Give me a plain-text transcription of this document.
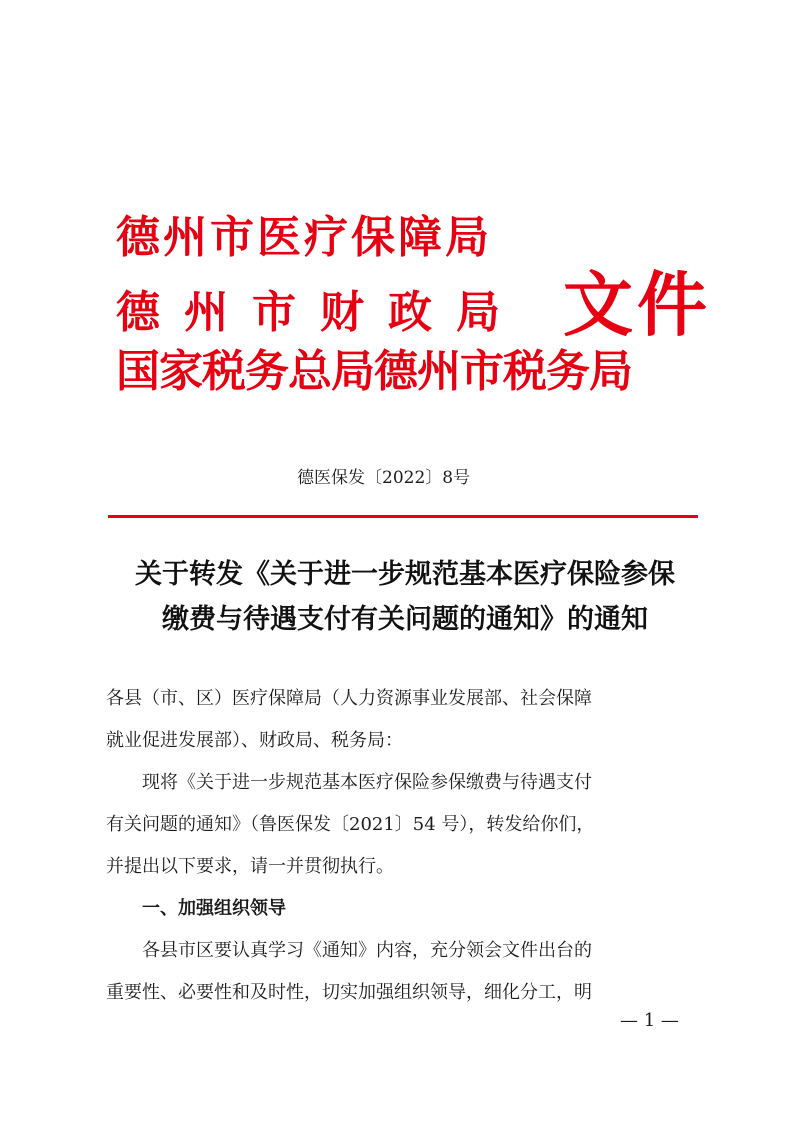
德州市医疗保障局
德州市财政局
国家税务总局德州市税务局
文件
德医保发〔2022〕8号
关于转发《关于进一步规范基本医疗保险参保
缴费与待遇支付有关问题的通知》的通知
各县（市、区）医疗保障局（人力资源事业发展部、社会保障
就业促进发展部）、财政局、税务局：
　　现将《关于进一步规范基本医疗保险参保缴费与待遇支付
有关问题的通知》（鲁医保发〔2021〕54 号），转发给你们，
并提出以下要求，请一并贯彻执行。
　　一、加强组织领导
　　各县市区要认真学习《通知》内容，充分领会文件出台的
重要性、必要性和及时性，切实加强组织领导，细化分工，明
— 1 —
